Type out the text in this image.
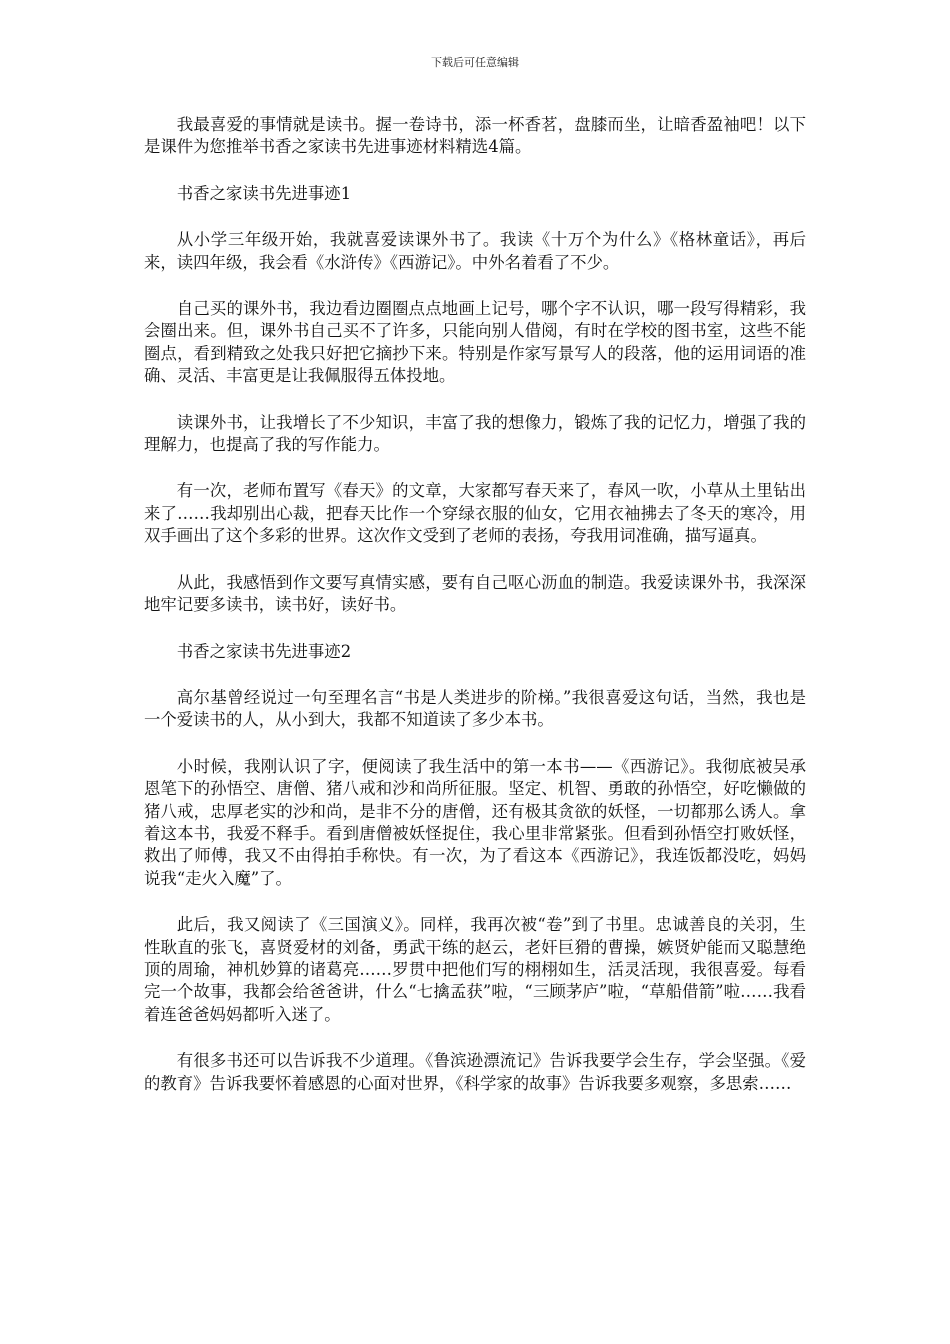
下载后可任意编辑

我最喜爱的事情就是读书。握一卷诗书，添一杯香茗，盘膝而坐，让暗香盈袖吧！以下是课件为您推举书香之家读书先进事迹材料精选4篇。

书香之家读书先进事迹1

从小学三年级开始，我就喜爱读课外书了。我读《十万个为什么》《格林童话》，再后来，读四年级，我会看《水浒传》《西游记》。中外名着看了不少。

自己买的课外书，我边看边圈圈点点地画上记号，哪个字不认识，哪一段写得精彩，我会圈出来。但，课外书自己买不了许多，只能向别人借阅，有时在学校的图书室，这些不能圈点，看到精致之处我只好把它摘抄下来。特别是作家写景写人的段落，他的运用词语的准确、灵活、丰富更是让我佩服得五体投地。

读课外书，让我增长了不少知识，丰富了我的想像力，锻炼了我的记忆力，增强了我的理解力，也提高了我的写作能力。

有一次，老师布置写《春天》的文章，大家都写春天来了，春风一吹，小草从土里钻出来了……我却别出心裁，把春天比作一个穿绿衣服的仙女，它用衣袖拂去了冬天的寒冷，用双手画出了这个多彩的世界。这次作文受到了老师的表扬，夸我用词准确，描写逼真。

从此，我感悟到作文要写真情实感，要有自己呕心沥血的制造。我爱读课外书，我深深地牢记要多读书，读书好，读好书。

书香之家读书先进事迹2

高尔基曾经说过一句至理名言“书是人类进步的阶梯。”我很喜爱这句话，当然，我也是一个爱读书的人，从小到大，我都不知道读了多少本书。

小时候，我刚认识了字，便阅读了我生活中的第一本书——《西游记》。我彻底被吴承恩笔下的孙悟空、唐僧、猪八戒和沙和尚所征服。坚定、机智、勇敢的孙悟空，好吃懒做的猪八戒，忠厚老实的沙和尚，是非不分的唐僧，还有极其贪欲的妖怪，一切都那么诱人。拿着这本书，我爱不释手。看到唐僧被妖怪捉住，我心里非常紧张。但看到孙悟空打败妖怪，救出了师傅，我又不由得拍手称快。有一次，为了看这本《西游记》，我连饭都没吃，妈妈说我“走火入魔”了。

此后，我又阅读了《三国演义》。同样，我再次被“卷”到了书里。忠诚善良的关羽，生性耿直的张飞，喜贤爱材的刘备，勇武干练的赵云，老奸巨猾的曹操，嫉贤妒能而又聪慧绝顶的周瑜，神机妙算的诸葛亮……罗贯中把他们写的栩栩如生，活灵活现，我很喜爱。每看完一个故事，我都会给爸爸讲，什么“七擒孟获”啦，“三顾茅庐”啦，“草船借箭”啦……我看着连爸爸妈妈都听入迷了。

有很多书还可以告诉我不少道理。《鲁滨逊漂流记》告诉我要学会生存，学会坚强。《爱的教育》告诉我要怀着感恩的心面对世界，《科学家的故事》告诉我要多观察，多思索……
